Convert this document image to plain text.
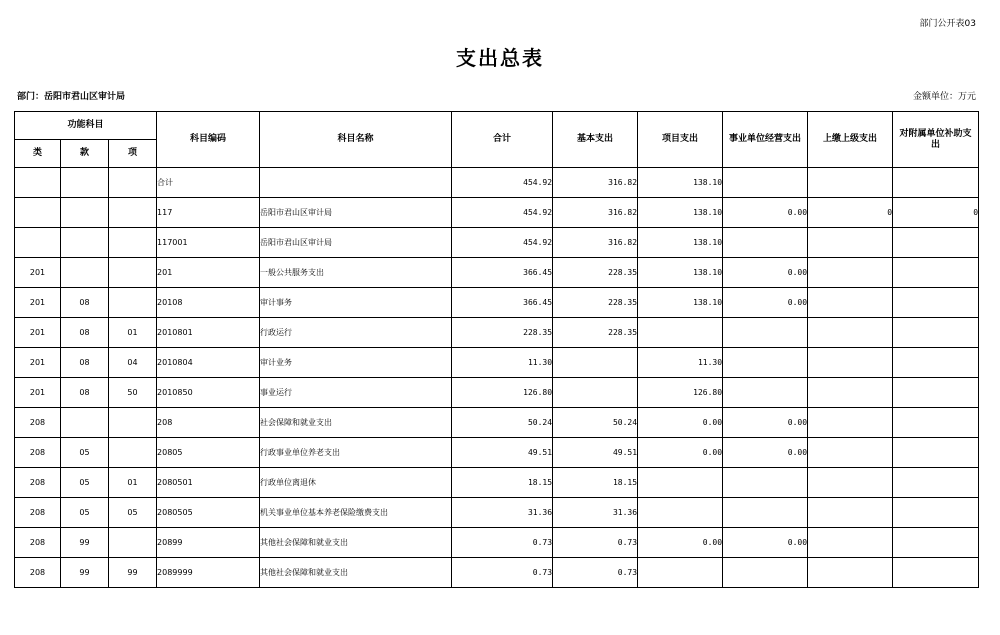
部门公开表03
支出总表
部门：岳阳市君山区审计局	金额单位：万元
功能科目			科目编码	科目名称	合计	基本支出	项目支出	事业单位经营支出	上缴上级支出	对附属单位补助支出
类	款	项								
			合计		454.92	316.82	138.10			
			117	岳阳市君山区审计局	454.92	316.82	138.10	0.00	0	0
			117001	岳阳市君山区审计局	454.92	316.82	138.10			
201			201	一般公共服务支出	366.45	228.35	138.10	0.00		
201	08		20108	审计事务	366.45	228.35	138.10	0.00		
201	08	01	2010801	行政运行	228.35	228.35				
201	08	04	2010804	审计业务	11.30		11.30			
201	08	50	2010850	事业运行	126.80		126.80			
208			208	社会保障和就业支出	50.24	50.24	0.00	0.00		
208	05		20805	行政事业单位养老支出	49.51	49.51	0.00	0.00		
208	05	01	2080501	行政单位离退休	18.15	18.15				
208	05	05	2080505	机关事业单位基本养老保险缴费支出	31.36	31.36				
208	99		20899	其他社会保障和就业支出	0.73	0.73	0.00	0.00		
208	99	99	2089999	其他社会保障和就业支出	0.73	0.73				
